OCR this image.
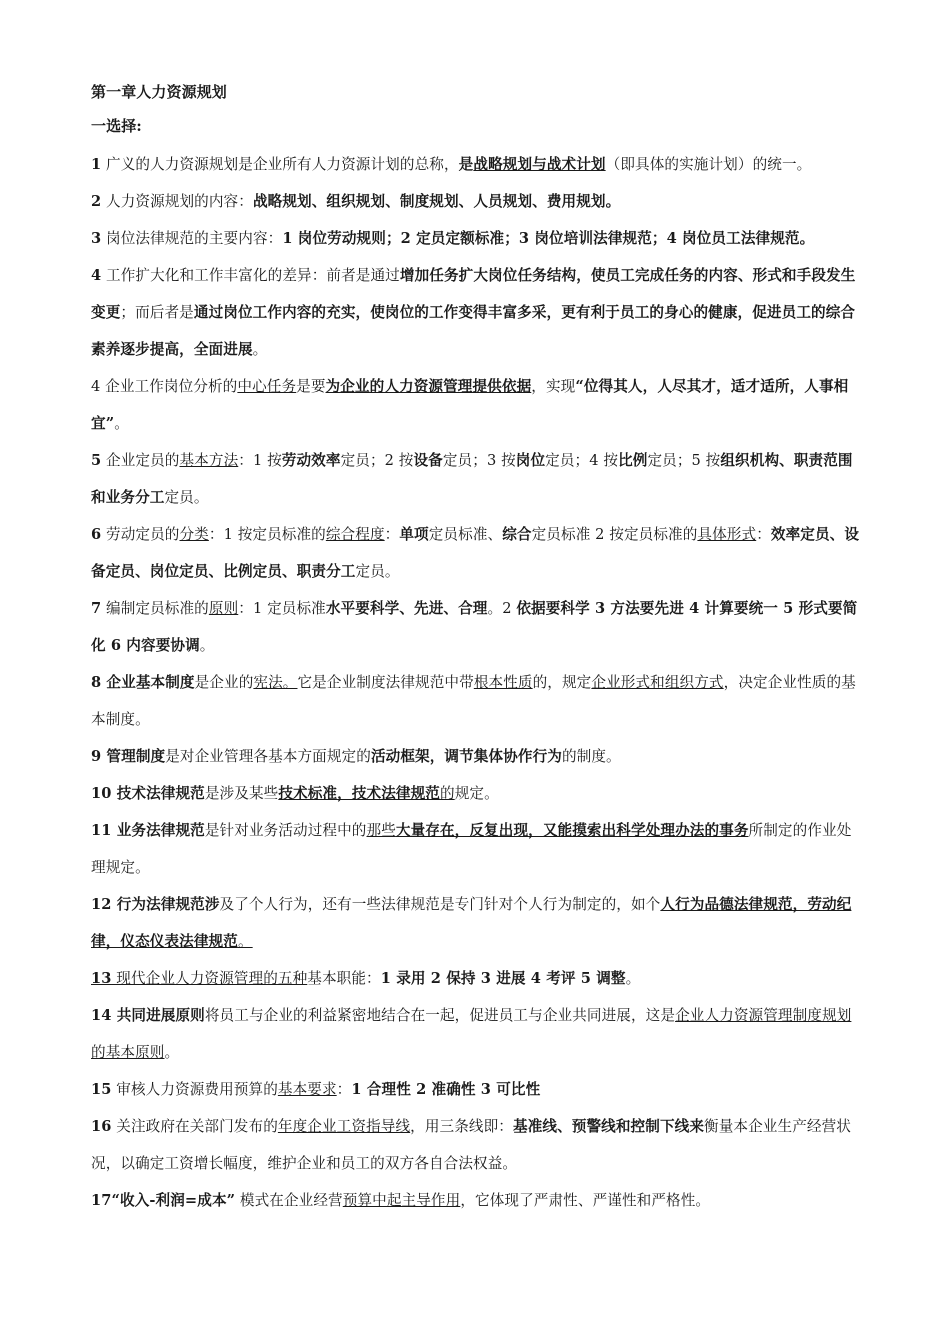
第一章人力资源规划

一选择:

1 广义的人力资源规划是企业所有人力资源计划的总称，是战略规划与战术计划（即具体的实施计划）的统一。

2 人力资源规划的内容：战略规划、组织规划、制度规划、人员规划、费用规划。

3 岗位法律规范的主要内容：1 岗位劳动规则；2 定员定额标准；3 岗位培训法律规范；4 岗位员工法律规范。

4 工作扩大化和工作丰富化的差异：前者是通过增加任务扩大岗位任务结构，使员工完成任务的内容、形式和手段发生变更；而后者是通过岗位工作内容的充实，使岗位的工作变得丰富多采，更有利于员工的身心的健康，促进员工的综合素养逐步提高，全面进展。

4 企业工作岗位分析的中心任务是要为企业的人力资源管理提供依据，实现“位得其人，人尽其才，适才适所，人事相宜”。

5 企业定员的基本方法：1 按劳动效率定员；2 按设备定员；3 按岗位定员；4 按比例定员；5 按组织机构、职责范围和业务分工定员。

6 劳动定员的分类：1 按定员标准的综合程度：单项定员标准、综合定员标准 2 按定员标准的具体形式：效率定员、设备定员、岗位定员、比例定员、职责分工定员。

7 编制定员标准的原则：1 定员标准水平要科学、先进、合理。2 依据要科学 3 方法要先进 4 计算要统一 5 形式要简化 6 内容要协调。

8 企业基本制度是企业的宪法。它是企业制度法律规范中带根本性质的，规定企业形式和组织方式，决定企业性质的基本制度。

9 管理制度是对企业管理各基本方面规定的活动框架，调节集体协作行为的制度。

10 技术法律规范是涉及某些技术标准，技术法律规范的规定。

11 业务法律规范是针对业务活动过程中的那些大量存在，反复出现，又能摸索出科学处理办法的事务所制定的作业处理规定。

12 行为法律规范涉及了个人行为，还有一些法律规范是专门针对个人行为制定的，如个人行为品德法律规范，劳动纪律，仪态仪表法律规范。

13 现代企业人力资源管理的五种基本职能：1 录用 2 保持 3 进展 4 考评 5 调整。

14 共同进展原则将员工与企业的利益紧密地结合在一起，促进员工与企业共同进展，这是企业人力资源管理制度规划的基本原则。

15 审核人力资源费用预算的基本要求：1 合理性 2 准确性 3 可比性

16 关注政府在关部门发布的年度企业工资指导线，用三条线即：基准线、预警线和控制下线来衡量本企业生产经营状况，以确定工资增长幅度，维护企业和员工的双方各自合法权益。

17“收入-利润=成本” 模式在企业经营预算中起主导作用，它体现了严肃性、严谨性和严格性。
